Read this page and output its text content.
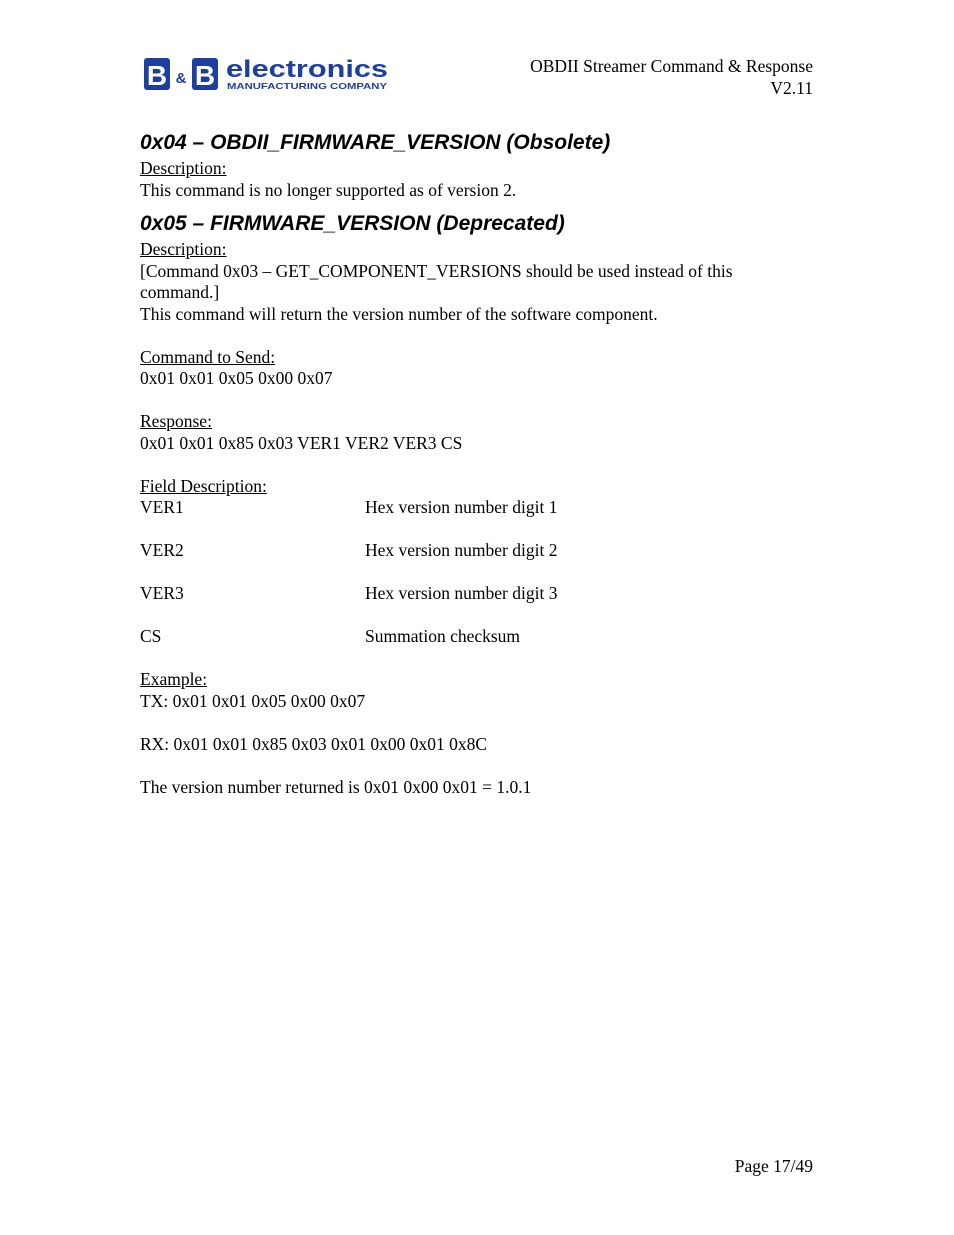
B & B electronics
MANUFACTURING COMPANY
OBDII Streamer Command & Response
V2.11
0x04 – OBDII_FIRMWARE_VERSION (Obsolete)

Description:

This command is no longer supported as of version 2.

0x05 – FIRMWARE_VERSION (Deprecated)

Description:

[Command 0x03 – GET_COMPONENT_VERSIONS should be used instead of this

command.]

This command will return the version number of the software component.

Command to Send:

0x01 0x01 0x05 0x00 0x07

Response:

0x01 0x01 0x85 0x03 VER1 VER2 VER3 CS

Field Description:

VER1	Hex version number digit 1
VER2	Hex version number digit 2
VER3	Hex version number digit 3
CS	Summation checksum

Example:

TX: 0x01 0x01 0x05 0x00 0x07

RX: 0x01 0x01 0x85 0x03 0x01 0x00 0x01 0x8C

The version number returned is 0x01 0x00 0x01 = 1.0.1

Page 17/49
